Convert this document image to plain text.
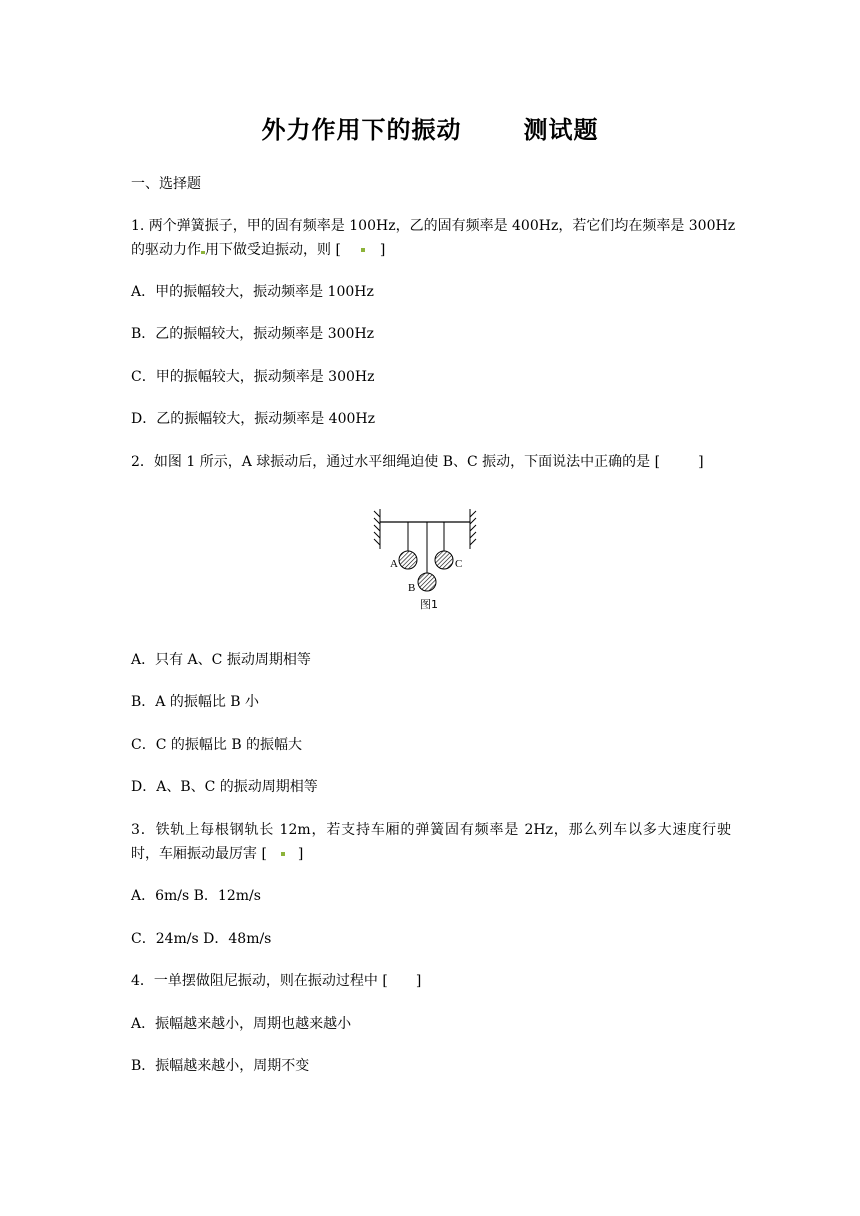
外力作用下的振动	测试题
一、选择题
1. 两个弹簧振子，甲的固有频率是 100Hz，乙的固有频率是 400Hz，若它们均在频率是 300Hz
的驱动力作 用下做受迫振动，则 [	]
A．甲的振幅较大，振动频率是 100Hz
B．乙的振幅较大，振动频率是 300Hz
C．甲的振幅较大，振动频率是 300Hz
D．乙的振幅较大，振动频率是 400Hz
2．如图 1 所示，A 球振动后，通过水平细绳迫使 B、C 振动，下面说法中正确的是 [	]
A
B
C
图1
A．只有 A、C 振动周期相等
B．A 的振幅比 B 小
C．C 的振幅比 B 的振幅大
D．A、B、C 的振动周期相等
3．铁轨上每根钢轨长 12m，若支持车厢的弹簧固有频率是 2Hz，那么列车以多大速度行驶
时，车厢振动最厉害 [ ]
A．6m/s B．12m/s
C．24m/s D．48m/s
4．一单摆做阻尼振动，则在振动过程中 [ ]
A．振幅越来越小，周期也越来越小
B．振幅越来越小，周期不变
